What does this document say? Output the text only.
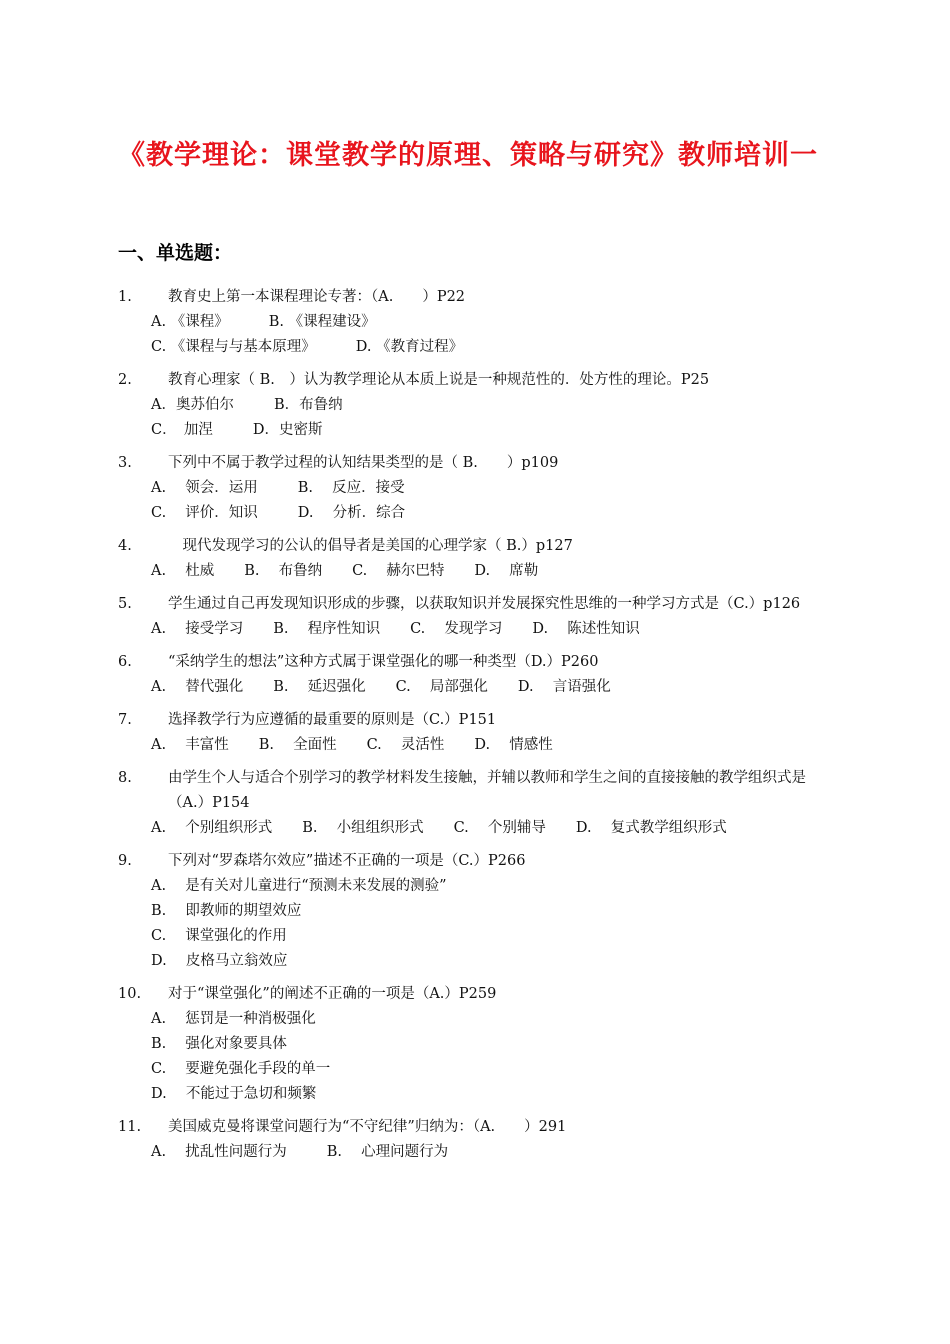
《教学理论：课堂教学的原理、策略与研究》教师培训一
一、单选题：
1.	教育史上第一本课程理论专著：（A.　　）P22
A. 《课程》	B. 《课程建设》
C. 《课程与与基本原理》	D. 《教育过程》
2.	教育心理家（ B.　）认为教学理论从本质上说是一种规范性的．处方性的理论。P25
A．奥苏伯尔	B．布鲁纳
C．　加涅	D．史密斯
3.	下列中不属于教学过程的认知结果类型的是（ B.　　）p109
A.　 领会．运用	B.　 反应．接受
C.　 评价．知识	D.　 分析．综合
4.	　现代发现学习的公认的倡导者是美国的心理学家（ B.）p127
A.　 杜威 B.　 布鲁纳 C.　 赫尔巴特 D.　 席勒
5.	学生通过自己再发现知识形成的步骤，以获取知识并发展探究性思维的一种学习方式是（C.）p126
A.　 接受学习 B.　 程序性知识 C.　 发现学习 D.　 陈述性知识
6.	“采纳学生的想法”这种方式属于课堂强化的哪一种类型（D.）P260
A.　 替代强化 B.　 延迟强化 C.　 局部强化 D.　 言语强化
7.	选择教学行为应遵循的最重要的原则是（C.）P151
A.　 丰富性 B.　 全面性 C.　 灵活性 D.　 情感性
8.	由学生个人与适合个别学习的教学材料发生接触，并辅以教师和学生之间的直接接触的教学组织式是（A.）P154
A.　 个别组织形式 B.　 小组组织形式 C.　 个别辅导 D.　 复式教学组织形式
9.	下列对“罗森塔尔效应”描述不正确的一项是（C.）P266
A.　 是有关对儿童进行“预测未来发展的测验”
B.　 即教师的期望效应
C.　 课堂强化的作用
D.　 皮格马立翁效应
10.	对于“课堂强化”的阐述不正确的一项是（A.）P259
A.　 惩罚是一种消极强化
B.　 强化对象要具体
C.　 要避免强化手段的单一
D.　 不能过于急切和频繁
11.	美国威克曼将课堂问题行为“不守纪律”归纳为：（A.　　）291
A.　 扰乱性问题行为	B.　 心理问题行为
